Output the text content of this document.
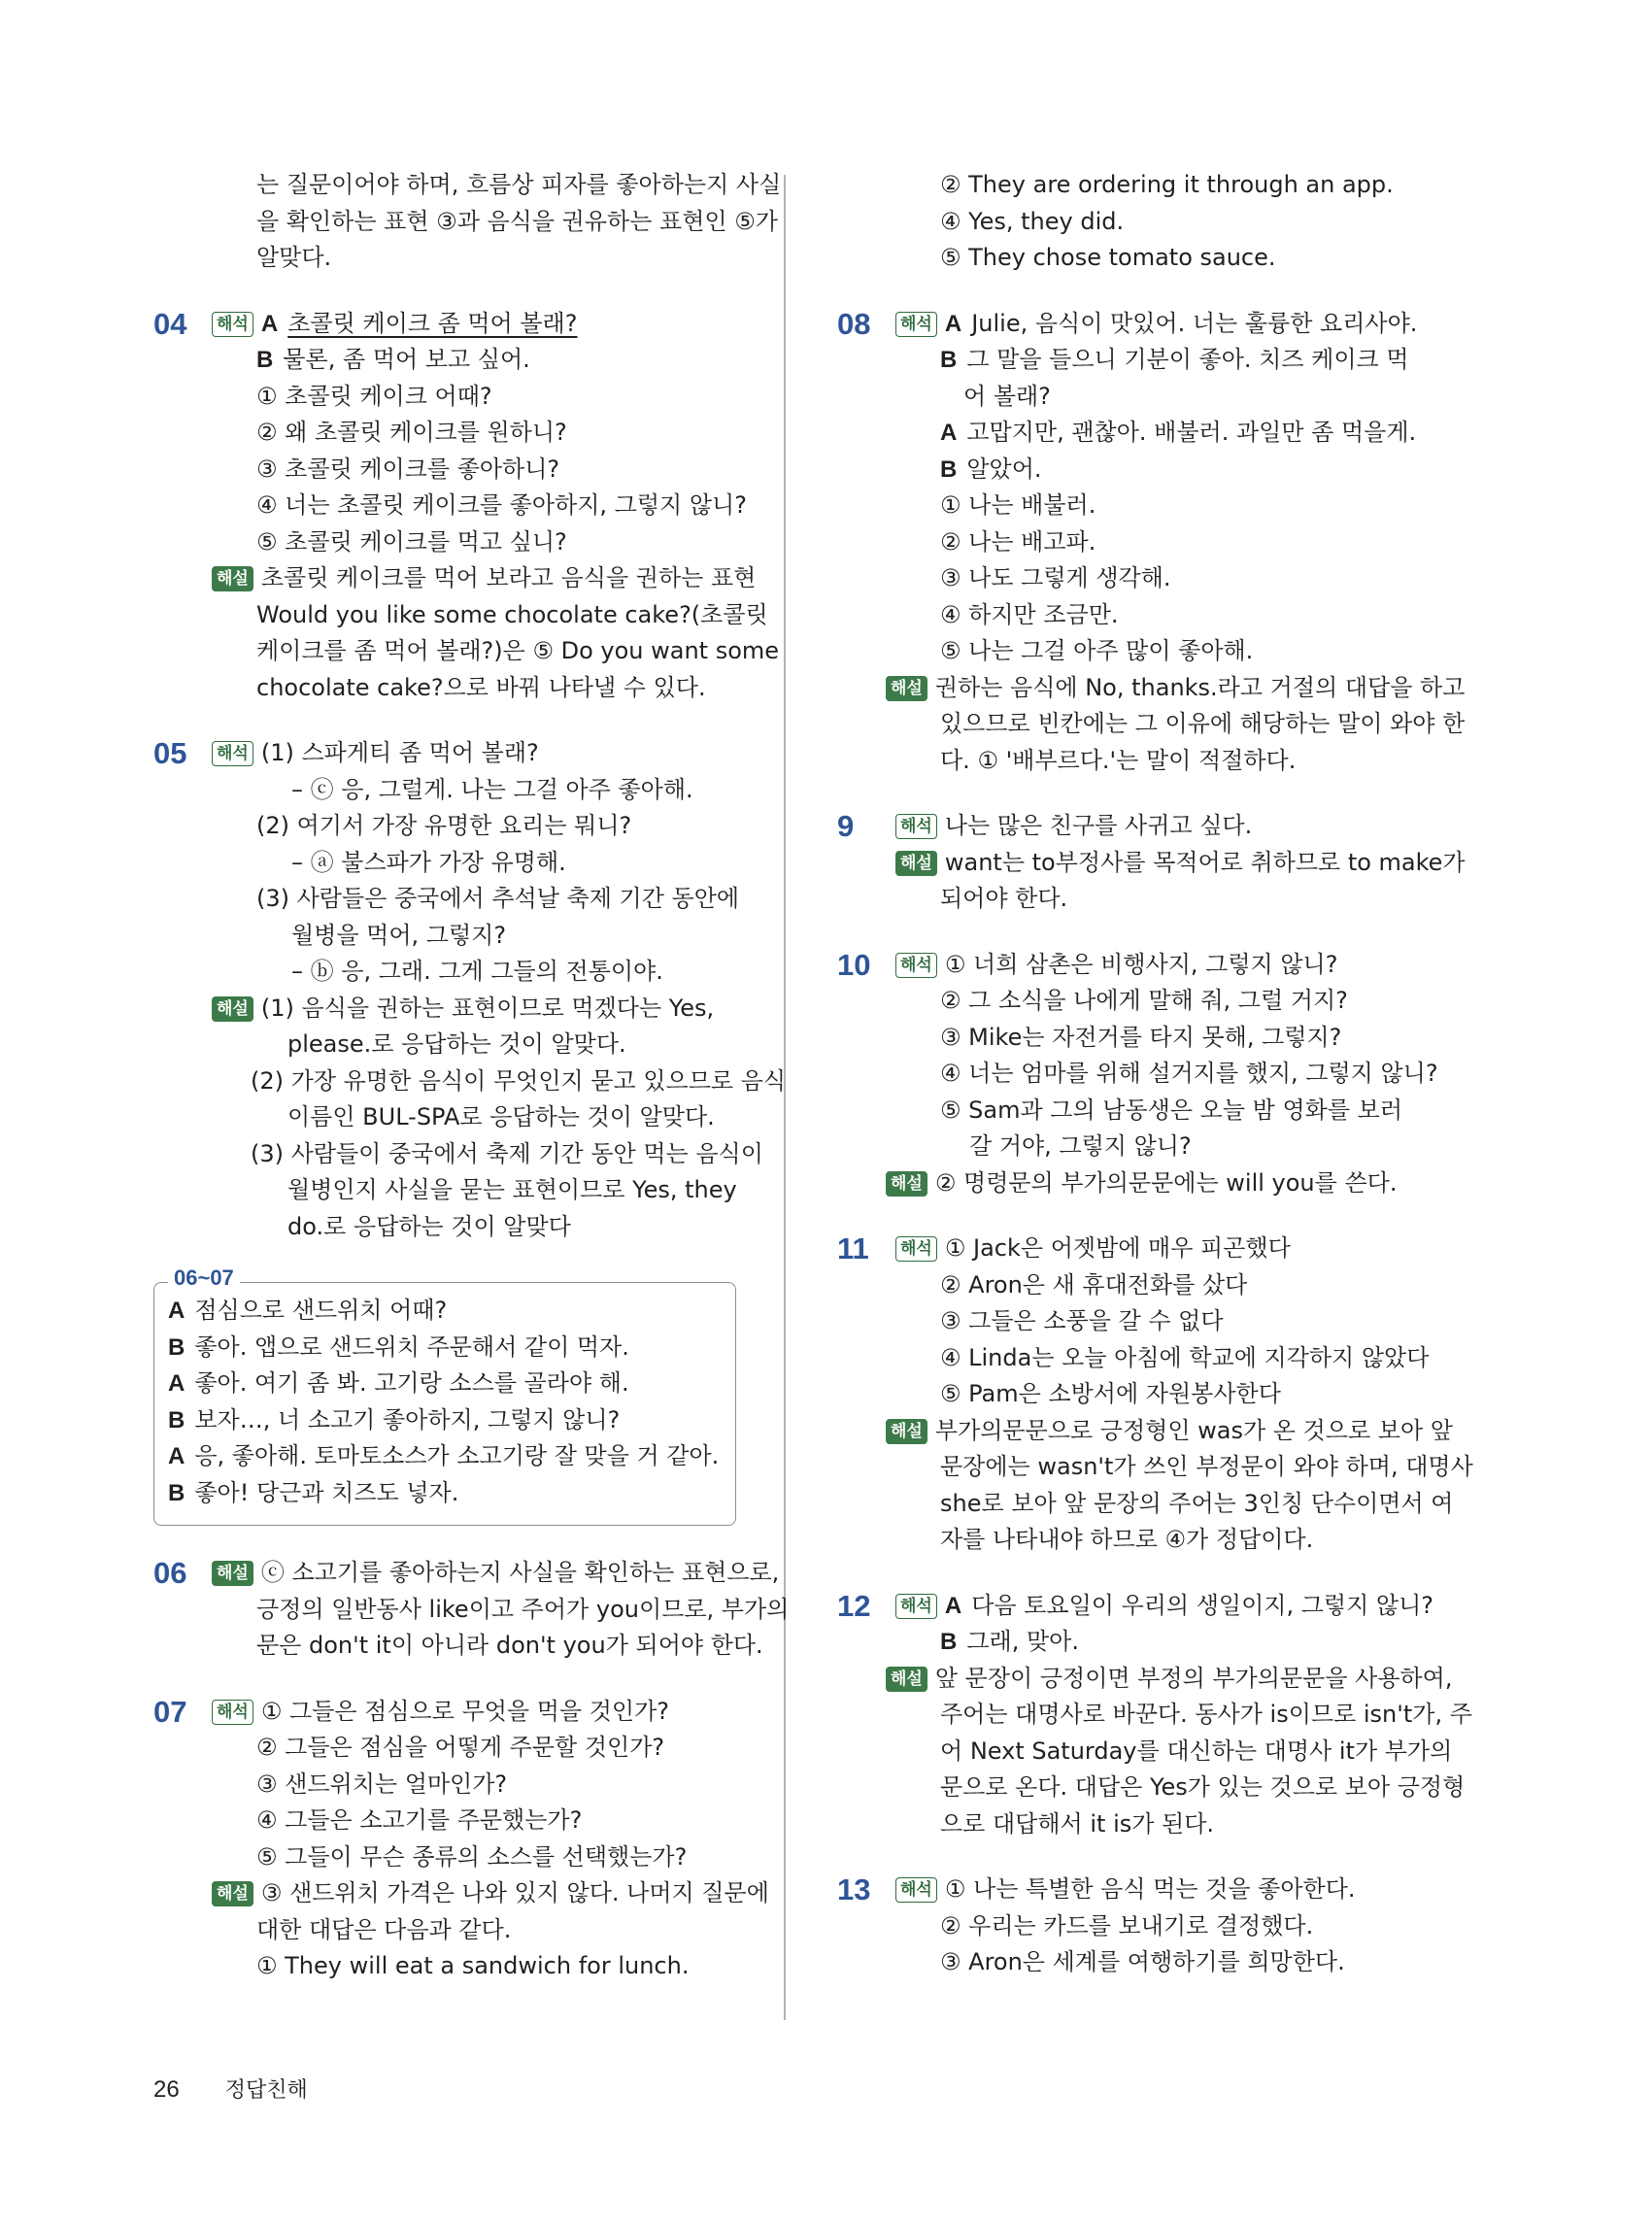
는 질문이어야 하며, 흐름상 피자를 좋아하는지 사실
을 확인하는 표현 ③과 음식을 권유하는 표현인 ⑤가
알맞다.
04 해석 A 초콜릿 케이크 좀 먹어 볼래?
B 물론, 좀 먹어 보고 싶어.
① 초콜릿 케이크 어때?
② 왜 초콜릿 케이크를 원하니?
③ 초콜릿 케이크를 좋아하니?
④ 너는 초콜릿 케이크를 좋아하지, 그렇지 않니?
⑤ 초콜릿 케이크를 먹고 싶니?
해설 초콜릿 케이크를 먹어 보라고 음식을 권하는 표현
Would you like some chocolate cake?(초콜릿
케이크를 좀 먹어 볼래?)은 ⑤ Do you want some
chocolate cake?으로 바꿔 나타낼 수 있다.
05 해석 (1) 스파게티 좀 먹어 볼래?
– ⓒ 응, 그럴게. 나는 그걸 아주 좋아해.
(2) 여기서 가장 유명한 요리는 뭐니?
– ⓐ 불스파가 가장 유명해.
(3) 사람들은 중국에서 추석날 축제 기간 동안에
월병을 먹어, 그렇지?
– ⓑ 응, 그래. 그게 그들의 전통이야.
해설 (1) 음식을 권하는 표현이므로 먹겠다는 Yes,
please.로 응답하는 것이 알맞다.
(2) 가장 유명한 음식이 무엇인지 묻고 있으므로 음식
이름인 BUL-SPA로 응답하는 것이 알맞다.
(3) 사람들이 중국에서 축제 기간 동안 먹는 음식이
월병인지 사실을 묻는 표현이므로 Yes, they
do.로 응답하는 것이 알맞다
06~07
A 점심으로 샌드위치 어때?
B 좋아. 앱으로 샌드위치 주문해서 같이 먹자.
A 좋아. 여기 좀 봐. 고기랑 소스를 골라야 해.
B 보자…, 너 소고기 좋아하지, 그렇지 않니?
A 응, 좋아해. 토마토소스가 소고기랑 잘 맞을 거 같아.
B 좋아! 당근과 치즈도 넣자.
06 해설 ⓒ 소고기를 좋아하는지 사실을 확인하는 표현으로,
긍정의 일반동사 like이고 주어가 you이므로, 부가의
문은 don't it이 아니라 don't you가 되어야 한다.
07 해석 ① 그들은 점심으로 무엇을 먹을 것인가?
② 그들은 점심을 어떻게 주문할 것인가?
③ 샌드위치는 얼마인가?
④ 그들은 소고기를 주문했는가?
⑤ 그들이 무슨 종류의 소스를 선택했는가?
해설 ③ 샌드위치 가격은 나와 있지 않다. 나머지 질문에
대한 대답은 다음과 같다.
① They will eat a sandwich for lunch.
② They are ordering it through an app.
④ Yes, they did.
⑤ They chose tomato sauce.
08 해석 A Julie, 음식이 맛있어. 너는 훌륭한 요리사야.
B 그 말을 들으니 기분이 좋아. 치즈 케이크 먹
어 볼래?
A 고맙지만, 괜찮아. 배불러. 과일만 좀 먹을게.
B 알았어.
① 나는 배불러.
② 나는 배고파.
③ 나도 그렇게 생각해.
④ 하지만 조금만.
⑤ 나는 그걸 아주 많이 좋아해.
해설 권하는 음식에 No, thanks.라고 거절의 대답을 하고
있으므로 빈칸에는 그 이유에 해당하는 말이 와야 한
다. ① '배부르다.'는 말이 적절하다.
9	해석 나는 많은 친구를 사귀고 싶다.
해설 want는 to부정사를 목적어로 취하므로 to make가
되어야 한다.
10 해석 ① 너희 삼촌은 비행사지, 그렇지 않니?
② 그 소식을 나에게 말해 줘, 그럴 거지?
③ Mike는 자전거를 타지 못해, 그렇지?
④ 너는 엄마를 위해 설거지를 했지, 그렇지 않니?
⑤ Sam과 그의 남동생은 오늘 밤 영화를 보러
갈 거야, 그렇지 않니?
해설 ② 명령문의 부가의문문에는 will you를 쓴다.
11 해석 ① Jack은 어젯밤에 매우 피곤했다
② Aron은 새 휴대전화를 샀다
③ 그들은 소풍을 갈 수 없다
④ Linda는 오늘 아침에 학교에 지각하지 않았다
⑤ Pam은 소방서에 자원봉사한다
해설 부가의문문으로 긍정형인 was가 온 것으로 보아 앞
문장에는 wasn't가 쓰인 부정문이 와야 하며, 대명사
she로 보아 앞 문장의 주어는 3인칭 단수이면서 여
자를 나타내야 하므로 ④가 정답이다.
12 해석 A 다음 토요일이 우리의 생일이지, 그렇지 않니?
B 그래, 맞아.
해설 앞 문장이 긍정이면 부정의 부가의문문을 사용하여,
주어는 대명사로 바꾼다. 동사가 is이므로 isn't가, 주
어 Next Saturday를 대신하는 대명사 it가 부가의
문으로 온다. 대답은 Yes가 있는 것으로 보아 긍정형
으로 대답해서 it is가 된다.
13 해석 ① 나는 특별한 음식 먹는 것을 좋아한다.
② 우리는 카드를 보내기로 결정했다.
③ Aron은 세계를 여행하기를 희망한다.
26 정답친해
